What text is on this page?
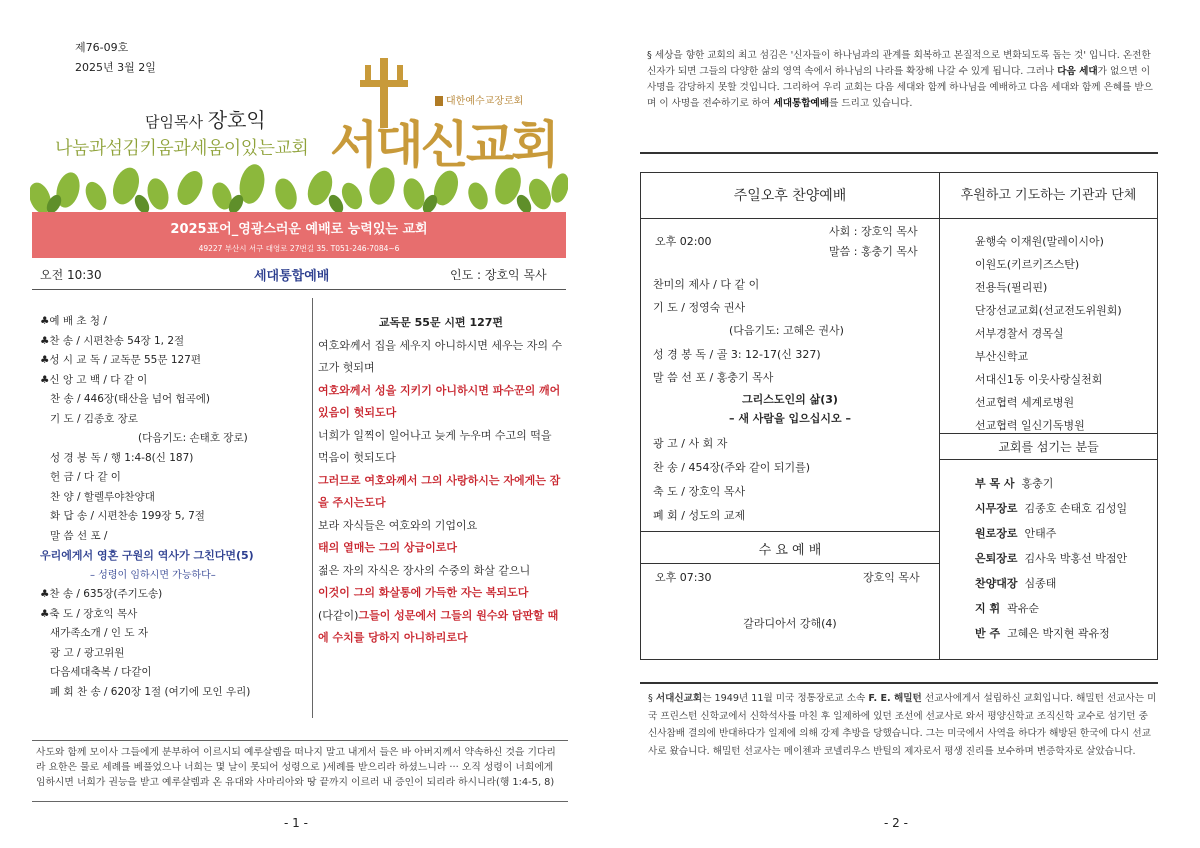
제76-09호
2025년 3월 2일
담임목사 장호익
나눔과섬김키움과세움이있는교회 서대신교회
대한예수교장로회
2025표어_영광스러운 예배로 능력있는 교회
49227 부산시 서구 대영로 27번길 35. T051-246-7084~6
오전 10:30	세대통합예배	인도 : 장호익 목사
♣예 배 초 청 /
♣찬 송 / 시편찬송 54장 1, 2절
♣성 시 교 독 / 교독문 55문 127편
♣신 앙 고 백 / 다 같 이
찬 송 / 446장(태산을 넘어 험곡에)
기 도 / 김종호 장로
(다음기도: 손태호 장로)
성 경 봉 독 / 행 1:4-8(신 187)
헌 금 / 다 같 이
찬 양 / 할렐루야찬양대
화 답 송 / 시편찬송 199장 5, 7절
말 씀 선 포 /
우리에게서 영혼 구원의 역사가 그친다면(5)
– 성령이 임하시면 가능하다–
♣찬 송 / 635장(주기도송)
♣축 도 / 장호익 목사
새가족소개 / 인 도 자
광 고 / 광고위원
다음세대축복 / 다같이
폐 회 찬 송 / 620장 1절 (여기에 모인 우리)
교독문 55문 시편 127편
여호와께서 집을 세우지 아니하시면 세우는 자의 수고가 헛되며
여호와께서 성을 지키기 아니하시면 파수꾼의 깨어 있음이 헛되도다
너희가 일찍이 일어나고 늦게 누우며 수고의 떡을 먹음이 헛되도다
그러므로 여호와께서 그의 사랑하시는 자에게는 잠을 주시는도다
보라 자식들은 여호와의 기업이요
태의 열매는 그의 상급이로다
젊은 자의 자식은 장사의 수중의 화살 같으니
이것이 그의 화살통에 가득한 자는 복되도다
(다같이)그들이 성문에서 그들의 원수와 담판할 때에 수치를 당하지 아니하리로다
사도와 함께 모이사 그들에게 분부하여 이르시되 예루살렘을 떠나지 말고 내게서 들은 바 아버지께서 약속하신 것을 기다리라 요한은 물로 세례를 베풀었으나 너희는 몇 날이 못되어 성령으로 )세례를 받으리라 하셨느니라 ··· 오직 성령이 너희에게 임하시면 너희가 권능을 받고 예루살렘과 온 유대와 사마리아와 땅 끝까지 이르러 내 증인이 되리라 하시니라(행 1:4-5, 8)
- 1 -
§ 세상을 향한 교회의 최고 섬김은 '신자들이 하나님과의 관계를 회복하고 본질적으로 변화되도록 돕는 것' 입니다. 온전한 신자가 되면 그들의 다양한 삶의 영역 속에서 하나님의 나라를 확장해 나갈 수 있게 됩니다. 그러나 다음 세대가 없으면 이 사명을 감당하지 못할 것입니다. 그리하여 우리 교회는 다음 세대와 함께 하나님을 예배하고 다음 세대와 함께 은혜를 받으며 이 사명을 전수하기로 하여 세대통합예배를 드리고 있습니다.
주일오후 찬양예배	후원하고 기도하는 기관과 단체
오후 02:00
사회 : 장호익 목사
말씀 : 홍충기 목사
찬미의 제사 / 다 같 이
기 도 / 정영숙 권사
(다음기도: 고혜은 권사)
성 경 봉 독 / 골 3: 12-17(신 327)
말 씀 선 포 / 홍충기 목사
그리스도인의 삶(3)
– 새 사람을 입으십시오 –
광 고 / 사 회 자
찬 송 / 454장(주와 같이 되기를)
축 도 / 장호익 목사
폐 회 / 성도의 교제
수 요 예 배
오후 07:30	장호익 목사
갈라디아서 강해(4)
윤행숙 이재원(말레이시아)
이원도(키르키즈스탄)
전용득(필리핀)
단장선교교회(선교전도위원회)
서부경찰서 경목실
부산신학교
서대신1동 이웃사랑실천회
선교협력 세계로병원
선교협력 일신기독병원
교회를 섬기는 분들
부 목 사 홍충기
시무장로 김종호 손태호 김성일
원로장로 안태주
은퇴장로 김사욱 박홍선 박점안
찬양대장 심종태
지 휘 곽유순
반 주 고혜은 박지현 곽유정
§ 서대신교회는 1949년 11월 미국 정통장로교 소속 F. E. 해밀턴 선교사에게서 설립하신 교회입니다. 해밀턴 선교사는 미국 프린스턴 신학교에서 신학석사를 마친 후 일제하에 있던 조선에 선교사로 와서 평양신학교 조직신학 교수로 섬기던 중 신사참배 결의에 반대하다가 일제에 의해 강제 추방을 당했습니다. 그는 미국에서 사역을 하다가 해방된 한국에 다시 선교사로 왔습니다. 해밀턴 선교사는 메이첸과 코넬리우스 반틸의 제자로서 평생 진리를 보수하며 변증학자로 살았습니다.
- 2 -
